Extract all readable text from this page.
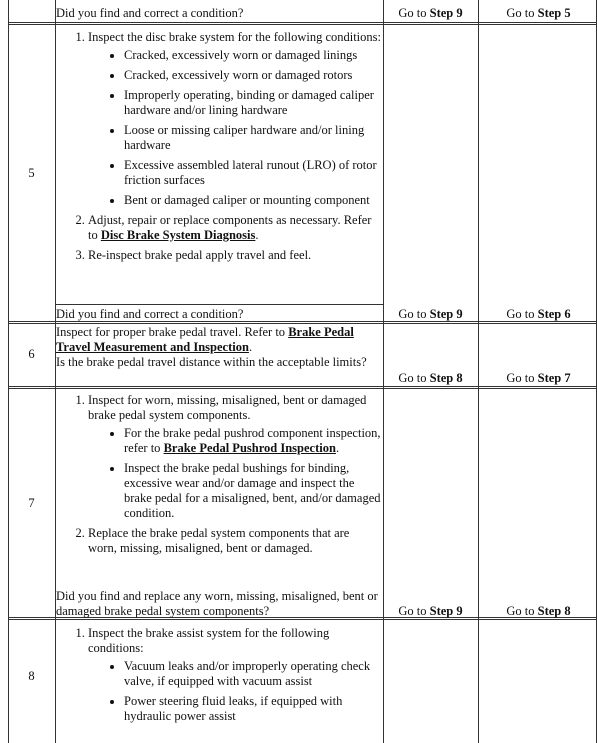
Did you find and correct a condition?	Go to Step 9	Go to Step 5
5
1. Inspect the disc brake system for the following conditions:
• Cracked, excessively worn or damaged linings
• Cracked, excessively worn or damaged rotors
• Improperly operating, binding or damaged caliper hardware and/or lining hardware
• Loose or missing caliper hardware and/or lining hardware
• Excessive assembled lateral runout (LRO) of rotor friction surfaces
• Bent or damaged caliper or mounting component
2. Adjust, repair or replace components as necessary. Refer to Disc Brake System Diagnosis.
3. Re-inspect brake pedal apply travel and feel.
Did you find and correct a condition?	Go to Step 9	Go to Step 6
6
Inspect for proper brake pedal travel. Refer to Brake Pedal Travel Measurement and Inspection.
Is the brake pedal travel distance within the acceptable limits?
Go to Step 8	Go to Step 7
7
1. Inspect for worn, missing, misaligned, bent or damaged brake pedal system components.
• For the brake pedal pushrod component inspection, refer to Brake Pedal Pushrod Inspection.
• Inspect the brake pedal bushings for binding, excessive wear and/or damage and inspect the brake pedal for a misaligned, bent, and/or damaged condition.
2. Replace the brake pedal system components that are worn, missing, misaligned, bent or damaged.
Did you find and replace any worn, missing, misaligned, bent or damaged brake pedal system components?	Go to Step 9	Go to Step 8
8
1. Inspect the brake assist system for the following conditions:
• Vacuum leaks and/or improperly operating check valve, if equipped with vacuum assist
• Power steering fluid leaks, if equipped with hydraulic power assist
